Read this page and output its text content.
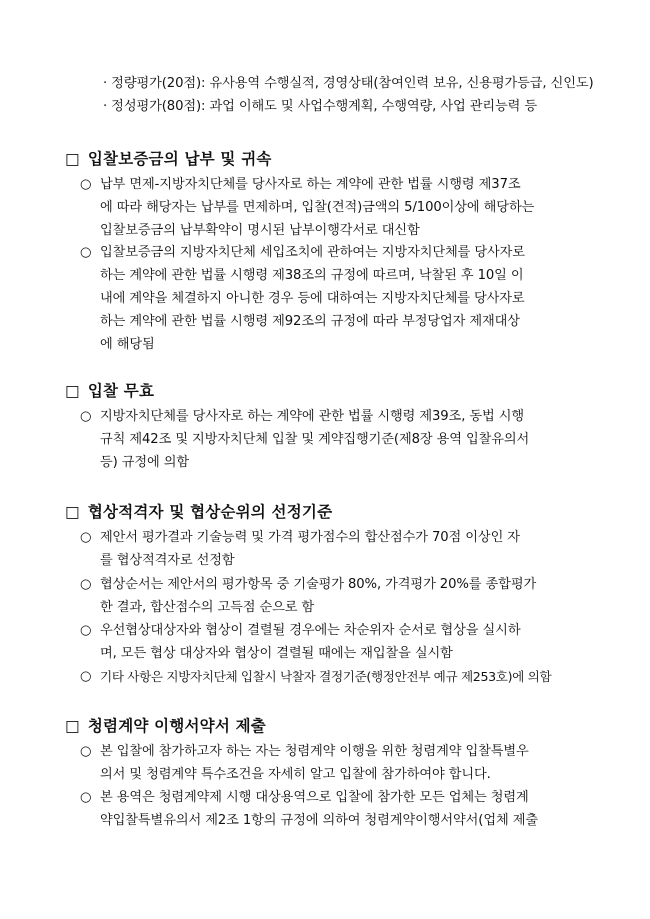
· 정량평가(20점): 유사용역 수행실적, 경영상태(참여인력 보유, 신용평가등급, 신인도)
· 정성평가(80점): 과업 이해도 및 사업수행계획, 수행역량, 사업 관리능력 등
□ 입찰보증금의 납부 및 귀속
○ 납부 면제-지방자치단체를 당사자로 하는 계약에 관한 법률 시행령 제37조
에 따라 해당자는 납부를 면제하며, 입찰(견적)금액의 5/100이상에 해당하는
입찰보증금의 납부확약이 명시된 납부이행각서로 대신함
○ 입찰보증금의 지방자치단체 세입조치에 관하여는 지방자치단체를 당사자로
하는 계약에 관한 법률 시행령 제38조의 규정에 따르며, 낙찰된 후 10일 이
내에 계약을 체결하지 아니한 경우 등에 대하여는 지방자치단체를 당사자로
하는 계약에 관한 법률 시행령 제92조의 규정에 따라 부정당업자 제재대상
에 해당됨
□ 입찰 무효
○ 지방자치단체를 당사자로 하는 계약에 관한 법률 시행령 제39조, 동법 시행
규칙 제42조 및 지방자치단체 입찰 및 계약집행기준(제8장 용역 입찰유의서
등) 규정에 의함
□ 협상적격자 및 협상순위의 선정기준
○ 제안서 평가결과 기술능력 및 가격 평가점수의 합산점수가 70점 이상인 자
를 협상적격자로 선정함
○ 협상순서는 제안서의 평가항목 중 기술평가 80%, 가격평가 20%를 종합평가
한 결과, 합산점수의 고득점 순으로 함
○ 우선협상대상자와 협상이 결렬될 경우에는 차순위자 순서로 협상을 실시하
며, 모든 협상 대상자와 협상이 결렬될 때에는 재입찰을 실시함
○ 기타 사항은 지방자치단체 입찰시 낙찰자 결정기준(행정안전부 예규 제253호)에 의함
□ 청렴계약 이행서약서 제출
○ 본 입찰에 참가하고자 하는 자는 청렴계약 이행을 위한 청렴계약 입찰특별우
의서 및 청렴계약 특수조건을 자세히 알고 입찰에 참가하여야 합니다.
○ 본 용역은 청렴계약제 시행 대상용역으로 입찰에 참가한 모든 업체는 청렴계
약입찰특별유의서 제2조 1항의 규정에 의하여 청렴계약이행서약서(업체 제출
